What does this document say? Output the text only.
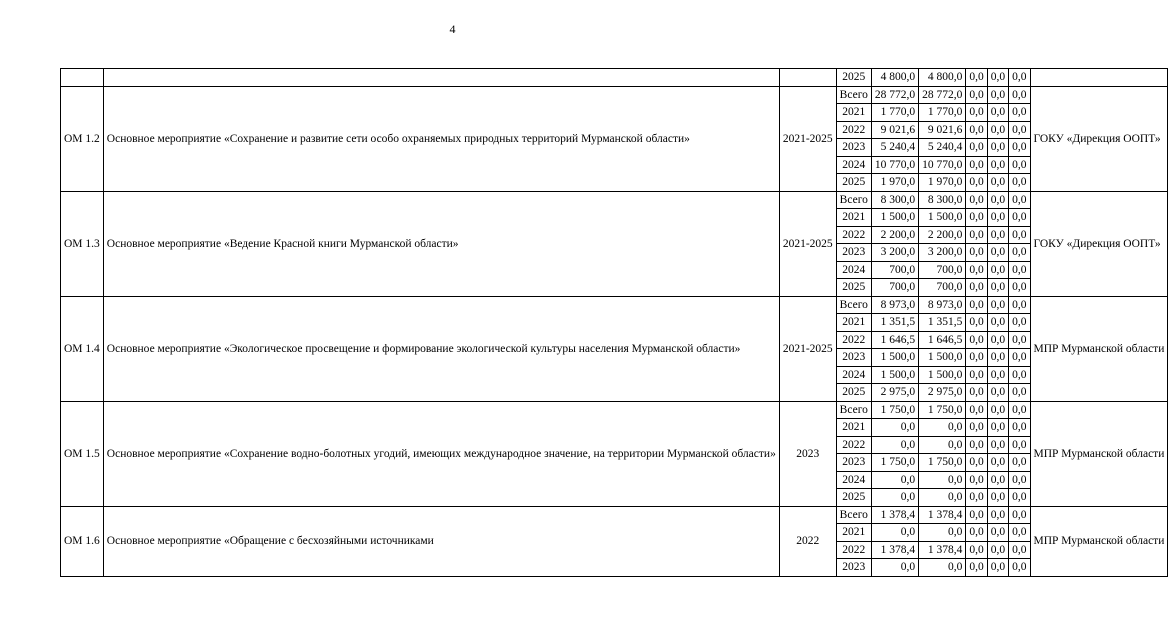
4
			2025	4 800,0	4 800,0	0,0	0,0	0,0	
ОМ 1.2	Основное мероприятие «Сохранение и развитие сети особо охраняемых природных территорий Мурманской области»	2021-2025	Всего	28 772,0	28 772,0	0,0	0,0	0,0	ГОКУ «Дирекция ООПТ»
			2021	1 770,0	1 770,0	0,0	0,0	0,0	
			2022	9 021,6	9 021,6	0,0	0,0	0,0	
			2023	5 240,4	5 240,4	0,0	0,0	0,0	
			2024	10 770,0	10 770,0	0,0	0,0	0,0	
			2025	1 970,0	1 970,0	0,0	0,0	0,0	
ОМ 1.3	Основное мероприятие «Ведение Красной книги Мурманской области»	2021-2025	Всего	8 300,0	8 300,0	0,0	0,0	0,0	ГОКУ «Дирекция ООПТ»
			2021	1 500,0	1 500,0	0,0	0,0	0,0	
			2022	2 200,0	2 200,0	0,0	0,0	0,0	
			2023	3 200,0	3 200,0	0,0	0,0	0,0	
			2024	700,0	700,0	0,0	0,0	0,0	
			2025	700,0	700,0	0,0	0,0	0,0	
ОМ 1.4	Основное мероприятие «Экологическое просвещение и формирование экологической культуры населения Мурманской области»	2021-2025	Всего	8 973,0	8 973,0	0,0	0,0	0,0	МПР Мурманской области
			2021	1 351,5	1 351,5	0,0	0,0	0,0	
			2022	1 646,5	1 646,5	0,0	0,0	0,0	
			2023	1 500,0	1 500,0	0,0	0,0	0,0	
			2024	1 500,0	1 500,0	0,0	0,0	0,0	
			2025	2 975,0	2 975,0	0,0	0,0	0,0	
ОМ 1.5	Основное мероприятие «Сохранение водно-болотных угодий, имеющих международное значение, на территории Мурманской области»	2023	Всего	1 750,0	1 750,0	0,0	0,0	0,0	МПР Мурманской области
			2021	0,0	0,0	0,0	0,0	0,0	
			2022	0,0	0,0	0,0	0,0	0,0	
			2023	1 750,0	1 750,0	0,0	0,0	0,0	
			2024	0,0	0,0	0,0	0,0	0,0	
			2025	0,0	0,0	0,0	0,0	0,0	
ОМ 1.6	Основное мероприятие «Обращение с бесхозяйными источниками	2022	Всего	1 378,4	1 378,4	0,0	0,0	0,0	МПР Мурманской области
			2021	0,0	0,0	0,0	0,0	0,0	
			2022	1 378,4	1 378,4	0,0	0,0	0,0	
			2023	0,0	0,0	0,0	0,0	0,0	
